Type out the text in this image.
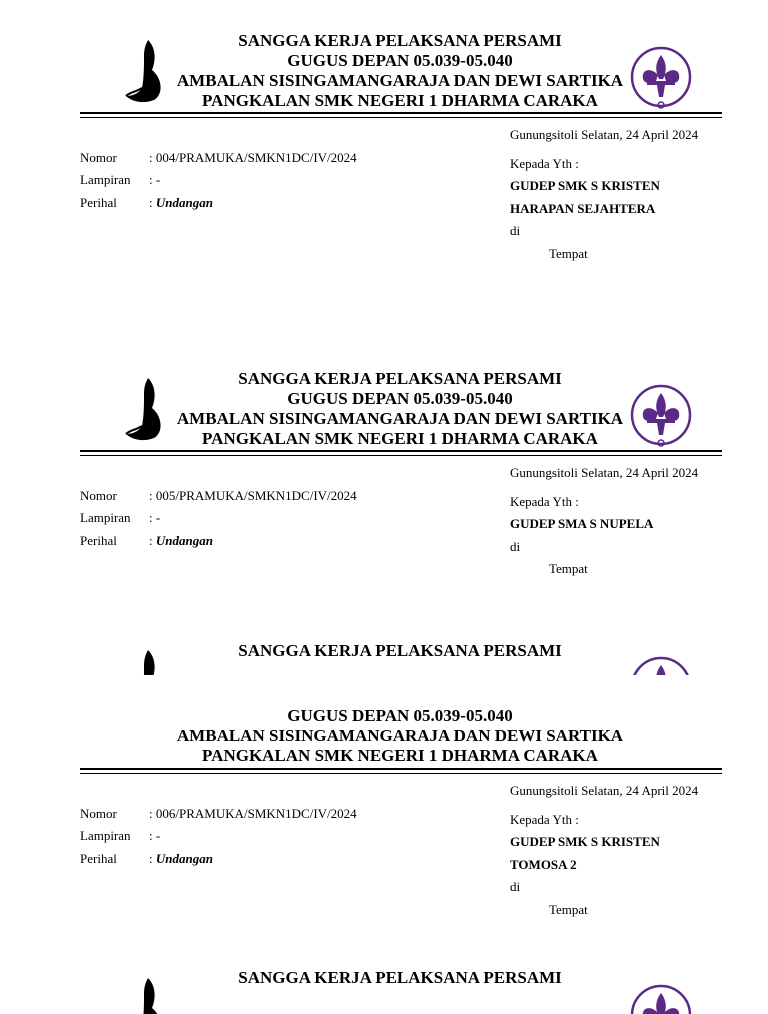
SANGGA KERJA PELAKSANA PERSAMI
GUGUS DEPAN 05.039-05.040
AMBALAN SISINGAMANGARAJA DAN DEWI SARTIKA
PANGKALAN SMK NEGERI 1 DHARMA CARAKA
Gunungsitoli Selatan, 24 April 2024
Nomor : 004/PRAMUKA/SMKN1DC/IV/2024
Lampiran : -
Perihal : Undangan
Kepada Yth :
GUDEP SMK S KRISTEN
HARAPAN SEJAHTERA
di
Tempat
SANGGA KERJA PELAKSANA PERSAMI
GUGUS DEPAN 05.039-05.040
AMBALAN SISINGAMANGARAJA DAN DEWI SARTIKA
PANGKALAN SMK NEGERI 1 DHARMA CARAKA
Gunungsitoli Selatan, 24 April 2024
Nomor : 005/PRAMUKA/SMKN1DC/IV/2024
Lampiran : -
Perihal : Undangan
Kepada Yth :
GUDEP SMA S NUPELA
di
Tempat
SANGGA KERJA PELAKSANA PERSAMI
GUGUS DEPAN 05.039-05.040
AMBALAN SISINGAMANGARAJA DAN DEWI SARTIKA
PANGKALAN SMK NEGERI 1 DHARMA CARAKA
Gunungsitoli Selatan, 24 April 2024
Nomor : 006/PRAMUKA/SMKN1DC/IV/2024
Lampiran : -
Perihal : Undangan
Kepada Yth :
GUDEP SMK S KRISTEN
TOMOSA 2
di
Tempat
SANGGA KERJA PELAKSANA PERSAMI
